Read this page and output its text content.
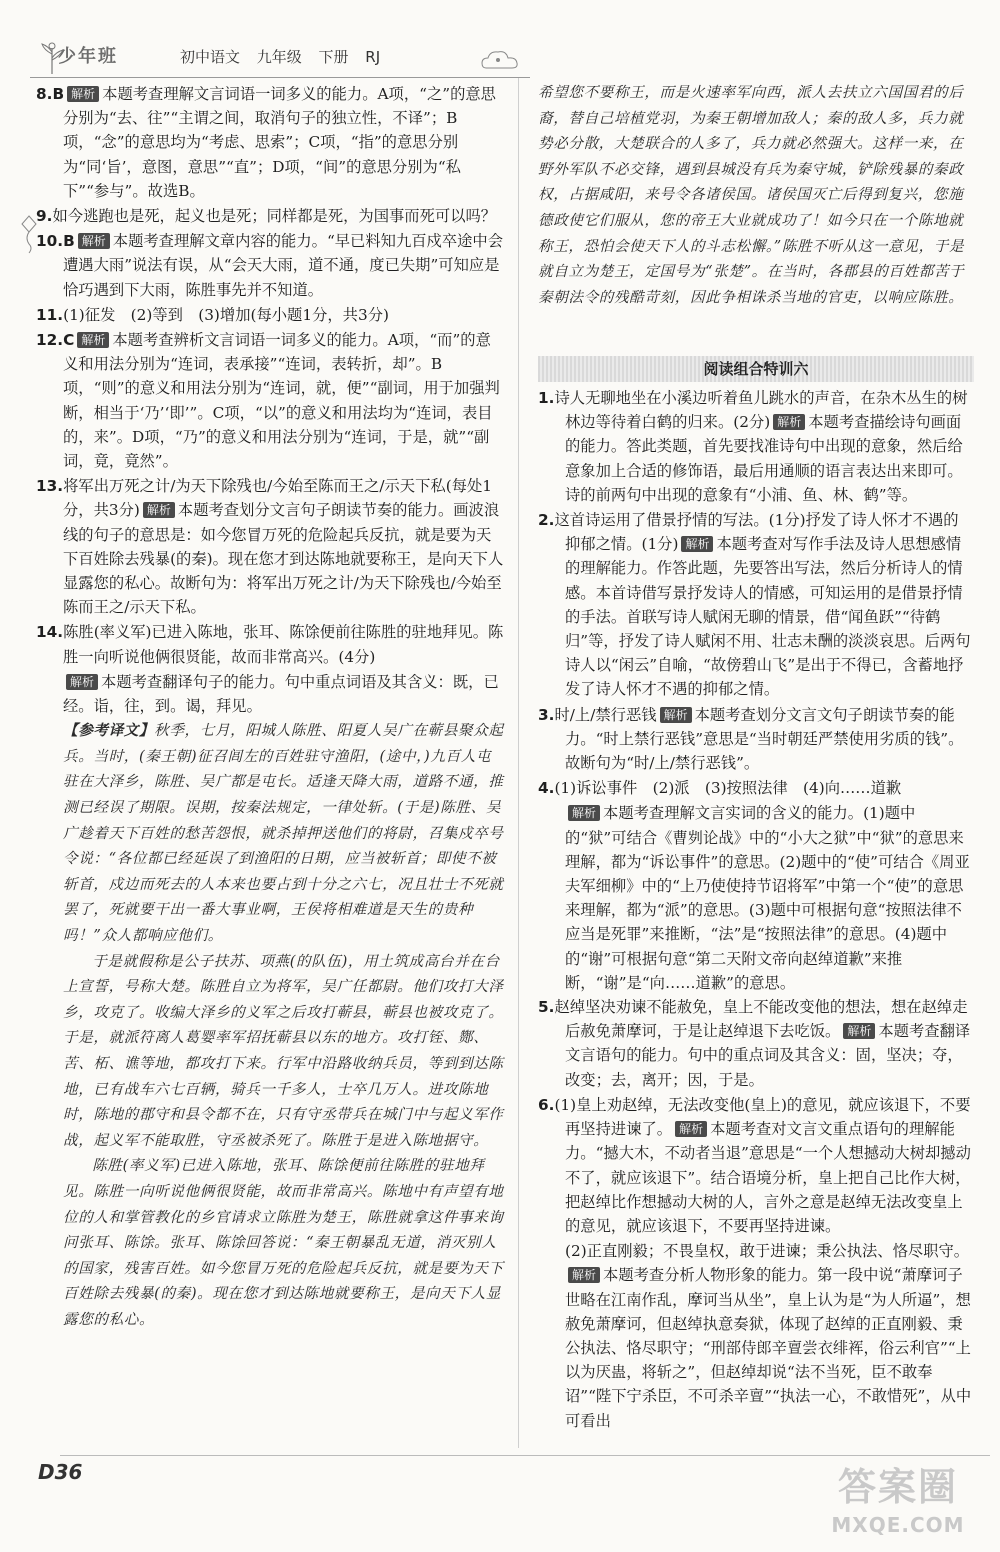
少年班	初中语文 九年级 下册 RJ

8.B 解析 本题考查理解文言词语一词多义的能力。A项，“之”的意思分别为“去、往”“主谓之间，取消句子的独立性，不译”；B项，“念”的意思均为“考虑、思索”；C项，“指”的意思分别为“同‘旨’，意图，意思”“直”；D项，“间”的意思分别为“私下”“参与”。故选B。

9.如今逃跑也是死，起义也是死；同样都是死，为国事而死可以吗？

10.B 解析 本题考查理解文章内容的能力。“早已料知九百戍卒途中会遭遇大雨”说法有误，从“会天大雨，道不通，度已失期”可知应是恰巧遇到下大雨，陈胜事先并不知道。

11.(1)征发　(2)等到　(3)增加(每小题1分，共3分)

12.C 解析 本题考查辨析文言词语一词多义的能力。A项，“而”的意义和用法分别为“连词，表承接”“连词，表转折，却”。B项，“则”的意义和用法分别为“连词，就，便”“副词，用于加强判断，相当于‘乃’‘即’”。C项，“以”的意义和用法均为“连词，表目的，来”。D项，“乃”的意义和用法分别为“连词，于是，就”“副词，竟，竟然”。

13.将军出万死之计/为天下除残也/今始至陈而王之/示天下私(每处1分，共3分) 解析 本题考查划分文言句子朗读节奏的能力。画波浪线的句子的意思是：如今您冒万死的危险起兵反抗，就是要为天下百姓除去残暴(的秦)。现在您才到达陈地就要称王，是向天下人显露您的私心。故断句为：将军出万死之计/为天下除残也/今始至陈而王之/示天下私。

14.陈胜(率义军)已进入陈地，张耳、陈馀便前往陈胜的驻地拜见。陈胜一向听说他俩很贤能，故而非常高兴。(4分)

解析 本题考查翻译句子的能力。句中重点词语及其含义：既，已经。诣，往，到。谒，拜见。

【参考译文】秋季，七月，阳城人陈胜、阳夏人吴广在蕲县聚众起兵。当时，(秦王朝)征召闾左的百姓驻守渔阳，(途中，)九百人屯驻在大泽乡，陈胜、吴广都是屯长。适逢天降大雨，道路不通，推测已经误了期限。误期，按秦法规定，一律处斩。(于是)陈胜、吴广趁着天下百姓的愁苦怨恨，就杀掉押送他们的将尉，召集戍卒号令说：“各位都已经延误了到渔阳的日期，应当被斩首；即使不被斩首，戍边而死去的人本来也要占到十分之六七，况且壮士不死就罢了，死就要干出一番大事业啊，王侯将相难道是天生的贵种吗！”众人都响应他们。

于是就假称是公子扶苏、项燕(的队伍)，用土筑成高台并在台上宣誓，号称大楚。陈胜自立为将军，吴广任都尉。他们攻打大泽乡，攻克了。收编大泽乡的义军之后攻打蕲县，蕲县也被攻克了。于是，就派符离人葛婴率军招抚蕲县以东的地方。攻打铚、酂、苦、柘、谯等地，都攻打下来。行军中沿路收纳兵员，等到到达陈地，已有战车六七百辆，骑兵一千多人，士卒几万人。进攻陈地时，陈地的郡守和县令都不在，只有守丞带兵在城门中与起义军作战，起义军不能取胜，守丞被杀死了。陈胜于是进入陈地据守。

陈胜(率义军)已进入陈地，张耳、陈馀便前往陈胜的驻地拜见。陈胜一向听说他俩很贤能，故而非常高兴。陈地中有声望有地位的人和掌管教化的乡官请求立陈胜为楚王，陈胜就拿这件事来询问张耳、陈馀。张耳、陈馀回答说：“秦王朝暴乱无道，消灭别人的国家，残害百姓。如今您冒万死的危险起兵反抗，就是要为天下百姓除去残暴(的秦)。现在您才到达陈地就要称王，是向天下人显露您的私心。

希望您不要称王，而是火速率军向西，派人去扶立六国国君的后裔，替自己培植党羽，为秦王朝增加敌人；秦的敌人多，兵力就势必分散，大楚联合的人多了，兵力就必然强大。这样一来，在野外军队不必交锋，遇到县城没有兵为秦守城，铲除残暴的秦政权，占据咸阳，来号令各诸侯国。诸侯国灭亡后得到复兴，您施德政使它们服从，您的帝王大业就成功了！如今只在一个陈地就称王，恐怕会使天下人的斗志松懈。”陈胜不听从这一意见，于是就自立为楚王，定国号为“张楚”。在当时，各郡县的百姓都苦于秦朝法令的残酷苛刻，因此争相诛杀当地的官吏，以响应陈胜。

阅读组合特训六

1.诗人无聊地坐在小溪边听着鱼儿跳水的声音，在杂木丛生的树林边等待着白鹤的归来。(2分) 解析 本题考查描绘诗句画面的能力。答此类题，首先要找准诗句中出现的意象，然后给意象加上合适的修饰语，最后用通顺的语言表达出来即可。诗的前两句中出现的意象有“小浦、鱼、林、鹤”等。

2.这首诗运用了借景抒情的写法。(1分)抒发了诗人怀才不遇的抑郁之情。(1分) 解析 本题考查对写作手法及诗人思想感情的理解能力。作答此题，先要答出写法，然后分析诗人的情感。本首诗借写景抒发诗人的情感，可知运用的是借景抒情的手法。首联写诗人赋闲无聊的情景，借“闻鱼跃”“待鹤归”等，抒发了诗人赋闲不用、壮志未酬的淡淡哀思。后两句诗人以“闲云”自喻，“故傍碧山飞”是出于不得已，含蓄地抒发了诗人怀才不遇的抑郁之情。

3.时/上/禁行恶钱 解析 本题考查划分文言文句子朗读节奏的能力。“时上禁行恶钱”意思是“当时朝廷严禁使用劣质的钱”。故断句为“时/上/禁行恶钱”。

4.(1)诉讼事件　(2)派　(3)按照法律　(4)向……道歉

解析 本题考查理解文言实词的含义的能力。(1)题中的“狱”可结合《曹刿论战》中的“小大之狱”中“狱”的意思来理解，都为“诉讼事件”的意思。(2)题中的“使”可结合《周亚夫军细柳》中的“上乃使使持节诏将军”中第一个“使”的意思来理解，都为“派”的意思。(3)题中可根据句意“按照法律不应当是死罪”来推断，“法”是“按照法律”的意思。(4)题中的“谢”可根据句意“第二天附文帝向赵绰道歉”来推断，“谢”是“向……道歉”的意思。

5.赵绰坚决劝谏不能赦免，皇上不能改变他的想法，想在赵绰走后赦免萧摩诃，于是让赵绰退下去吃饭。 解析 本题考查翻译文言语句的能力。句中的重点词及其含义：固，坚决；夺，改变；去，离开；因，于是。

6.(1)皇上劝赵绰，无法改变他(皇上)的意见，就应该退下，不要再坚持进谏了。 解析 本题考查对文言文重点语句的理解能力。“撼大木，不动者当退”意思是“一个人想撼动大树却撼动不了，就应该退下”。结合语境分析，皇上把自己比作大树，把赵绰比作想撼动大树的人，言外之意是赵绰无法改变皇上的意见，就应该退下，不要再坚持进谏。

(2)正直刚毅；不畏皇权，敢于进谏；秉公执法、恪尽职守。

解析 本题考查分析人物形象的能力。第一段中说“萧摩诃子世略在江南作乱，摩诃当从坐”，皇上认为是“为人所逼”，想赦免萧摩诃，但赵绰执意奏狱，体现了赵绰的正直刚毅、秉公执法、恪尽职守；“刑部侍郎辛亶尝衣绯裈，俗云利官”“上以为厌蛊，将斩之”，但赵绰却说“法不当死，臣不敢奉诏”“陛下宁杀臣，不可杀辛亶”“执法一心，不敢惜死”，从中可看出

D36	答案圈
MXQE.COM
